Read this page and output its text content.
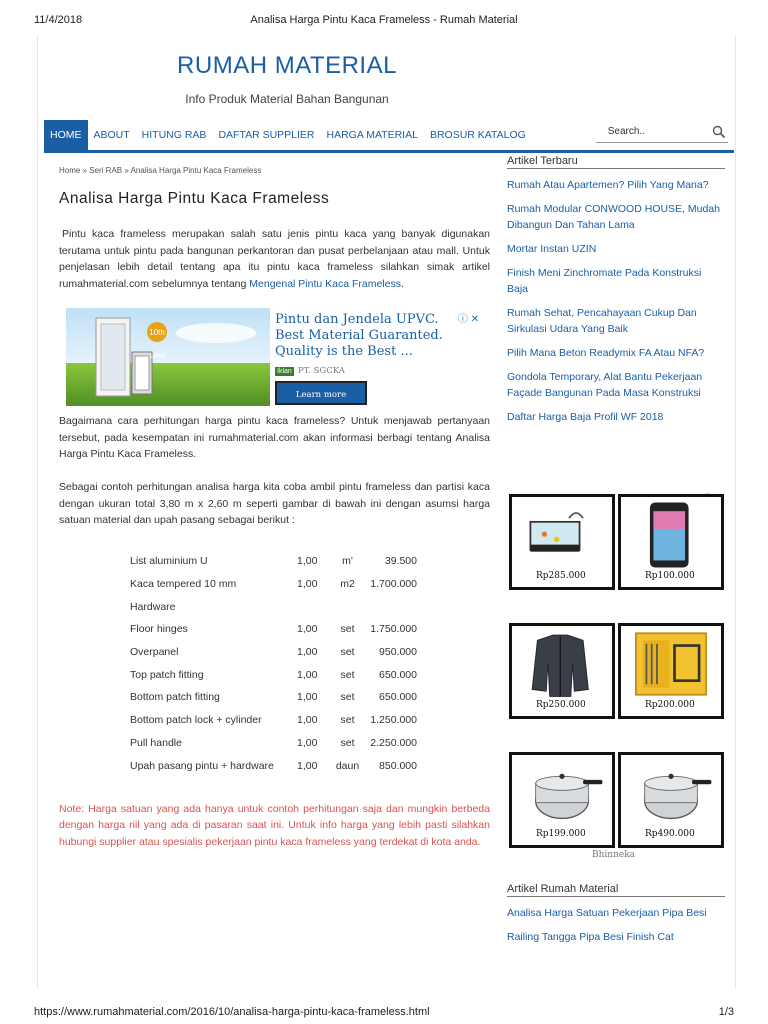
11/4/2018	Analisa Harga Pintu Kaca Frameless - Rumah Material
RUMAH MATERIAL
Info Produk Material Bahan Bangunan
HOME	ABOUT	HITUNG RAB	DAFTAR SUPPLIER	HARGA MATERIAL	BROSUR KATALOG	Search..
Home » Seri RAB » Analisa Harga Pintu Kaca Frameless
Analisa Harga Pintu Kaca Frameless

Pintu kaca frameless merupakan salah satu jenis pintu kaca yang banyak digunakan terutama untuk pintu pada bangunan perkantoran dan pusat perbelanjaan atau mall. Untuk penjelasan lebih detail tentang apa itu pintu kaca frameless silahkan simak artikel rumahmaterial.com sebelumnya tentang Mengenal Pintu Kaca Frameless.

10th
uPVC
Pintu dan Jendela UPVC. Best Material Guaranted. Quality is the Best ...
ⓘ ✕
Iklan PT. SGCKA
Learn more

Bagaimana cara perhitungan harga pintu kaca frameless? Untuk menjawab pertanyaan tersebut, pada kesempatan ini rumahmaterial.com akan informasi berbagi tentang Analisa Harga Pintu Kaca Frameless.

Sebagai contoh perhitungan analisa harga kita coba ambil pintu frameless dan partisi kaca dengan ukuran total 3,80 m x 2,60 m seperti gambar di bawah ini dengan asumsi harga satuan material dan upah pasang sebagai berikut :

List aluminium U	1,00	m'	39.500
Kaca tempered 10 mm	1,00	m2	1.700.000
Hardware			
Floor hinges	1,00	set	1.750.000
Overpanel	1,00	set	950.000
Top patch fitting	1,00	set	650.000
Bottom patch fitting	1,00	set	650.000
Bottom patch lock + cylinder	1,00	set	1.250.000
Pull handle	1,00	set	2.250.000
Upah pasang pintu + hardware	1,00	daun	850.000

Note: Harga satuan yang ada hanya untuk contoh perhitungan saja dan mungkin berbeda dengan harga riil yang ada di pasaran saat ini. Untuk info harga yang lebih pasti silahkan hubungi supplier atau spesialis pekerjaan pintu kaca frameless yang terdekat di kota anda.

Artikel Terbaru
Rumah Atau Apartemen? Pilih Yang Mana?
Rumah Modular CONWOOD HOUSE, Mudah Dibangun Dan Tahan Lama
Mortar Instan UZIN
Finish Meni Zinchromate Pada Konstruksi Baja
Rumah Sehat, Pencahayaan Cukup Dan Sirkulasi Udara Yang Baik
Pilih Mana Beton Readymix FA Atau NFA?
Gondola Temporary, Alat Bantu Pekerjaan Façade Bangunan Pada Masa Konstruksi
Daftar Harga Baja Profil WF 2018
Rp285.000	Rp100.000
Rp250.000	Rp200.000
Rp199.000	Rp490.000
Bhinneka
Artikel Rumah Material
Analisa Harga Satuan Pekerjaan Pipa Besi
Railing Tangga Pipa Besi Finish Cat
https://www.rumahmaterial.com/2016/10/analisa-harga-pintu-kaca-frameless.html	1/3
